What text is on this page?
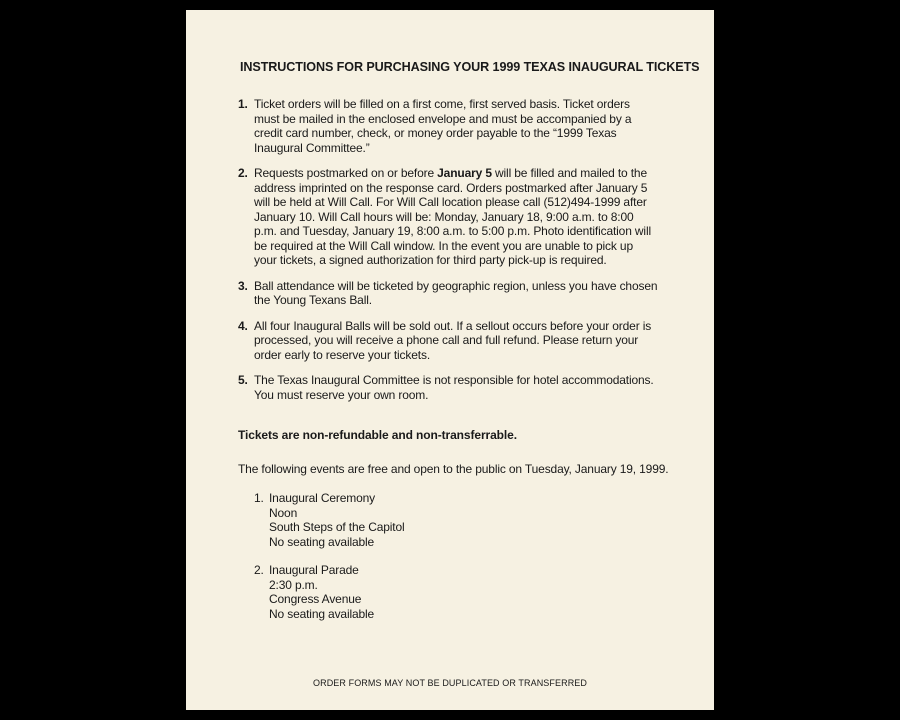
INSTRUCTIONS FOR PURCHASING YOUR 1999 TEXAS INAUGURAL TICKETS
1. Ticket orders will be filled on a first come, first served basis. Ticket orders must be mailed in the enclosed envelope and must be accompanied by a credit card number, check, or money order payable to the “1999 Texas Inaugural Committee.”
2. Requests postmarked on or before January 5 will be filled and mailed to the address imprinted on the response card. Orders postmarked after January 5 will be held at Will Call. For Will Call location please call (512)494-1999 after January 10. Will Call hours will be: Monday, January 18, 9:00 a.m. to 8:00 p.m. and Tuesday, January 19, 8:00 a.m. to 5:00 p.m. Photo identification will be required at the Will Call window. In the event you are unable to pick up your tickets, a signed authorization for third party pick-up is required.
3. Ball attendance will be ticketed by geographic region, unless you have chosen the Young Texans Ball.
4. All four Inaugural Balls will be sold out. If a sellout occurs before your order is processed, you will receive a phone call and full refund. Please return your order early to reserve your tickets.
5. The Texas Inaugural Committee is not responsible for hotel accommodations. You must reserve your own room.
Tickets are non-refundable and non-transferrable.
The following events are free and open to the public on Tuesday, January 19, 1999.
1. Inaugural Ceremony
Noon
South Steps of the Capitol
No seating available
2. Inaugural Parade
2:30 p.m.
Congress Avenue
No seating available
ORDER FORMS MAY NOT BE DUPLICATED OR TRANSFERRED
